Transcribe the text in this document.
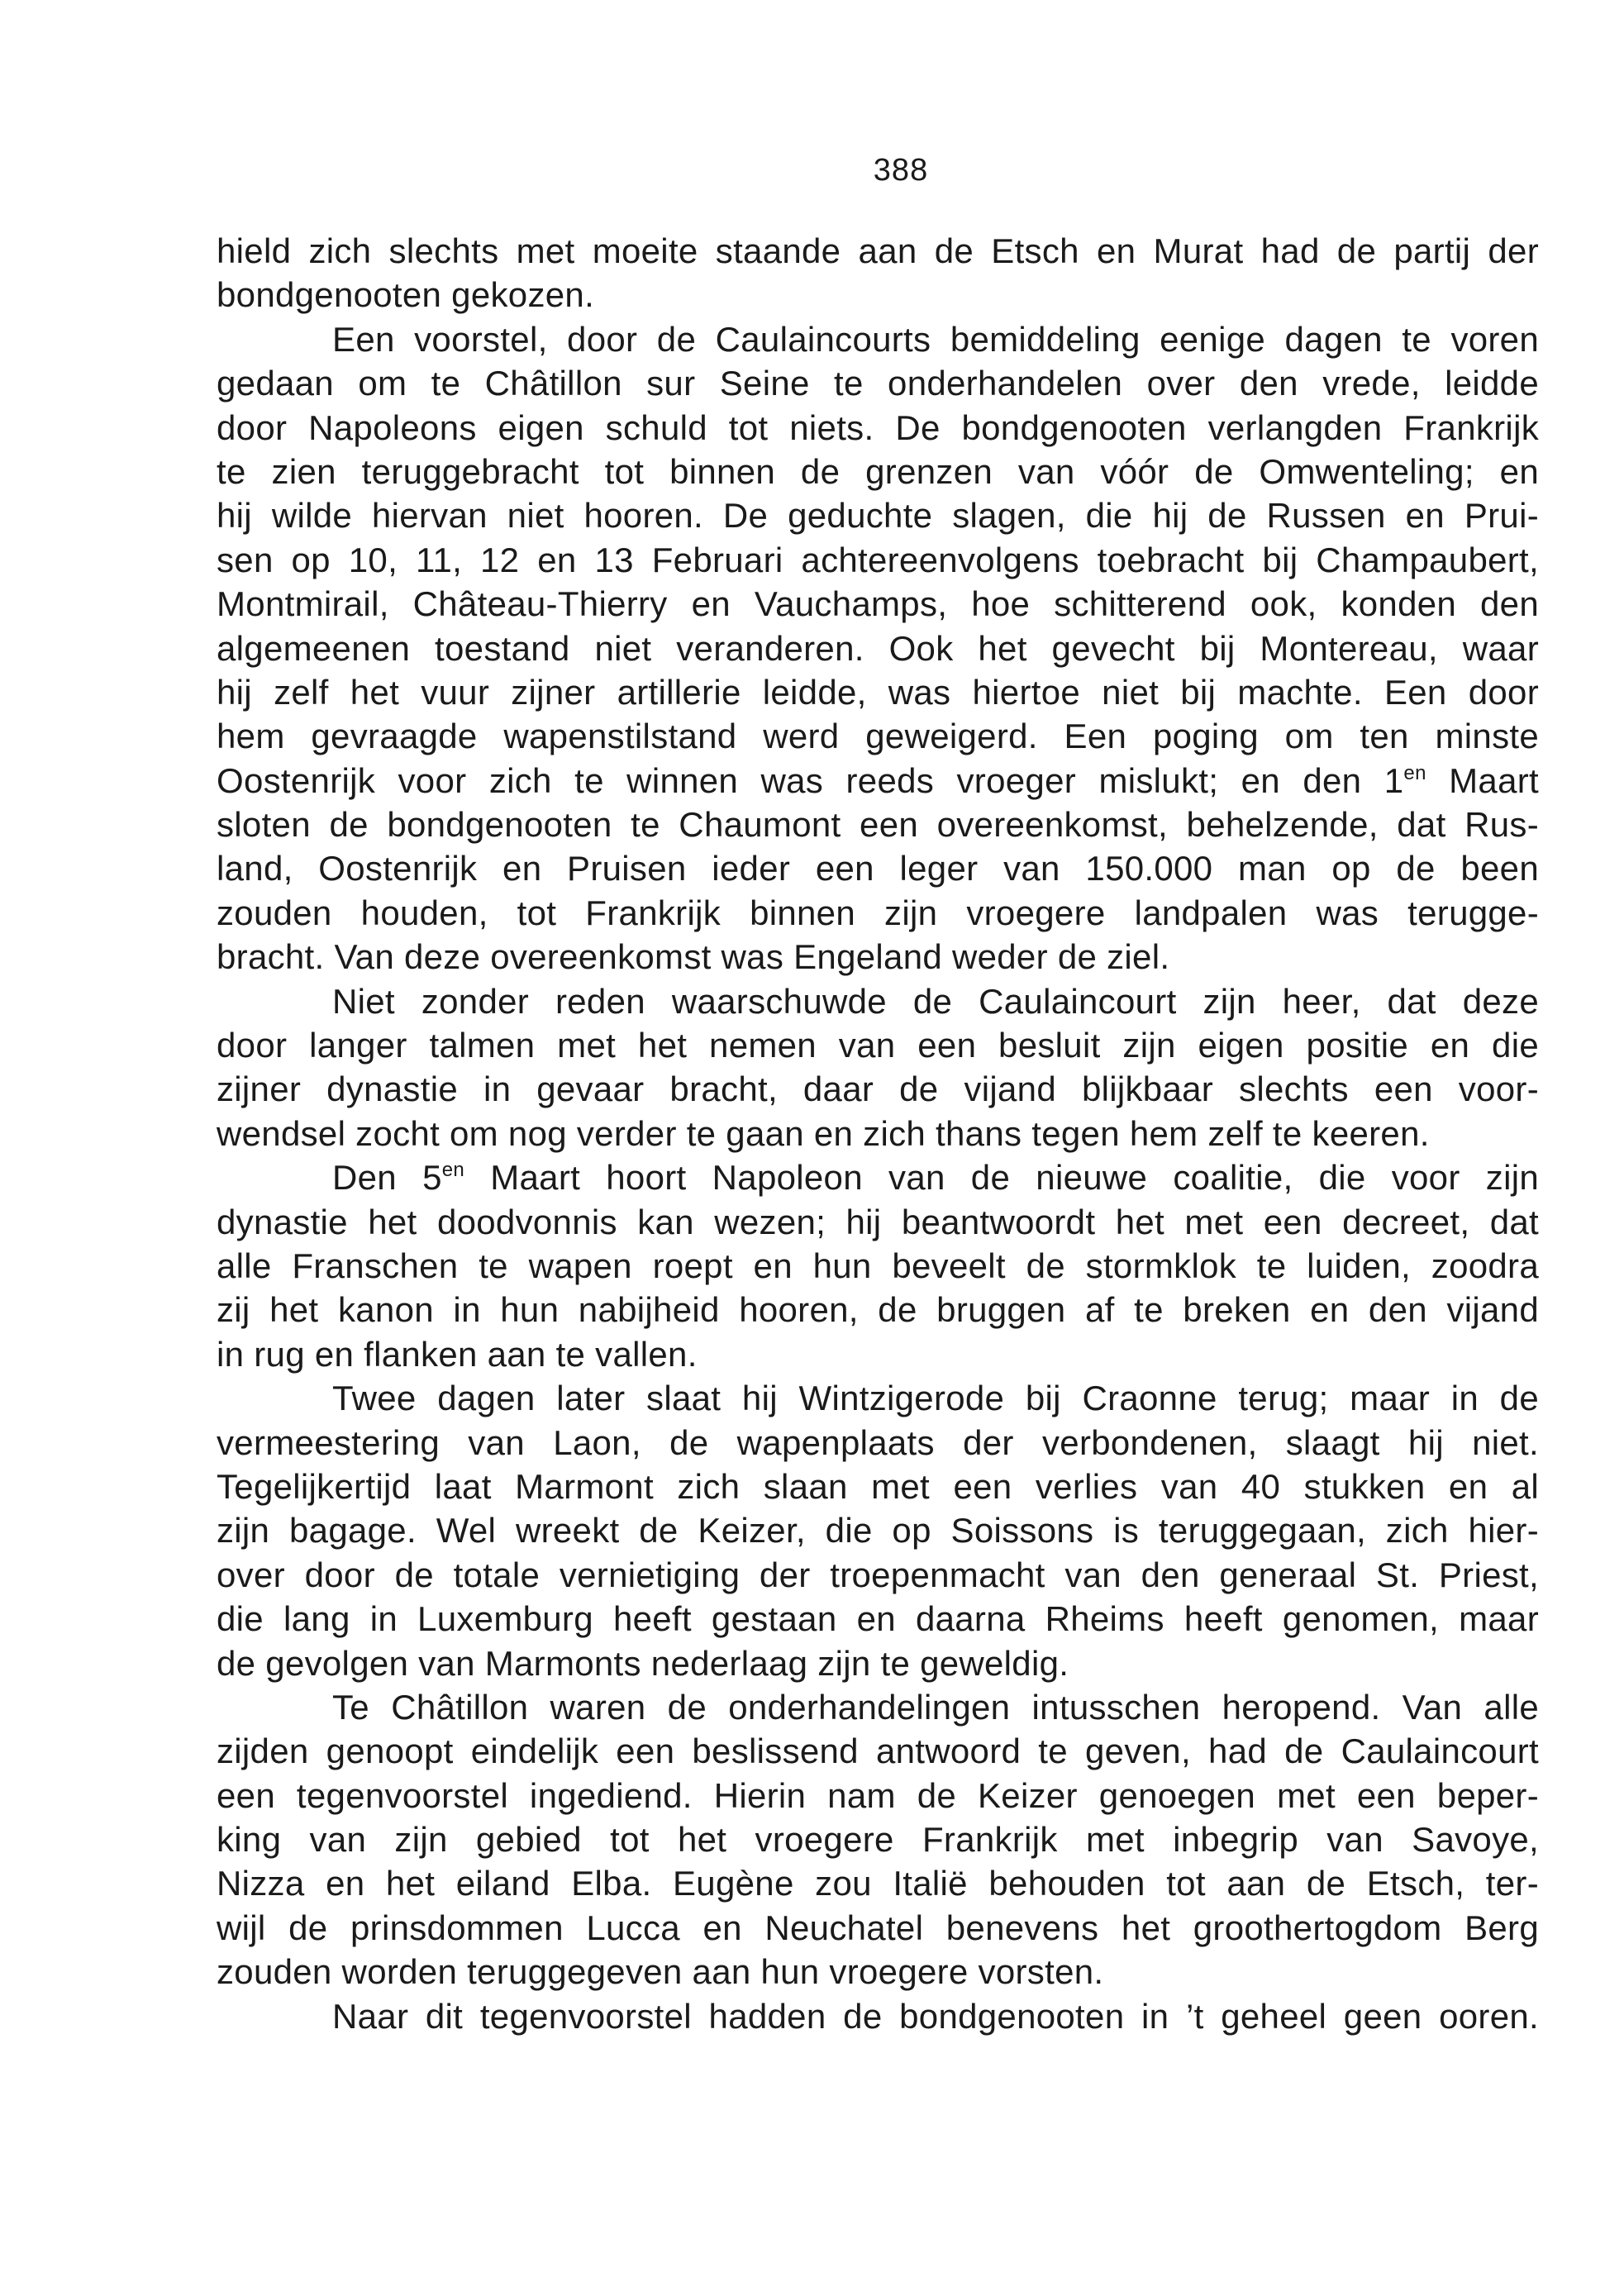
388
hield zich slechts met moeite staande aan de Etsch en Murat had de partij der
bondgenooten gekozen.
Een voorstel, door de Caulaincourts bemiddeling eenige dagen te voren
gedaan om te Châtillon sur Seine te onderhandelen over den vrede, leidde
door Napoleons eigen schuld tot niets. De bondgenooten verlangden Frankrijk
te zien teruggebracht tot binnen de grenzen van vóór de Omwenteling; en
hij wilde hiervan niet hooren. De geduchte slagen, die hij de Russen en Prui-
sen op 10, 11, 12 en 13 Februari achtereenvolgens toebracht bij Champaubert,
Montmirail, Château-Thierry en Vauchamps, hoe schitterend ook, konden den
algemeenen toestand niet veranderen. Ook het gevecht bij Montereau, waar
hij zelf het vuur zijner artillerie leidde, was hiertoe niet bij machte. Een door
hem gevraagde wapenstilstand werd geweigerd. Een poging om ten minste
Oostenrijk voor zich te winnen was reeds vroeger mislukt; en den $1^{en}$ Maart
sloten de bondgenooten te Chaumont een overeenkomst, behelzende, dat Rus-
land, Oostenrijk en Pruisen ieder een leger van 150.000 man op de been
zouden houden, tot Frankrijk binnen zijn vroegere landpalen was terugge-
bracht. Van deze overeenkomst was Engeland weder de ziel.
Niet zonder reden waarschuwde de Caulaincourt zijn heer, dat deze
door langer talmen met het nemen van een besluit zijn eigen positie en die
zijner dynastie in gevaar bracht, daar de vijand blijkbaar slechts een voor-
wendsel zocht om nog verder te gaan en zich thans tegen hem zelf te keeren.
Den $5^{en}$ Maart hoort Napoleon van de nieuwe coalitie, die voor zijn
dynastie het doodvonnis kan wezen; hij beantwoordt het met een decreet, dat
alle Franschen te wapen roept en hun beveelt de stormklok te luiden, zoodra
zij het kanon in hun nabijheid hooren, de bruggen af te breken en den vijand
in rug en flanken aan te vallen.
Twee dagen later slaat hij Wintzigerode bij Craonne terug; maar in de
vermeestering van Laon, de wapenplaats der verbondenen, slaagt hij niet.
Tegelijkertijd laat Marmont zich slaan met een verlies van 40 stukken en al
zijn bagage. Wel wreekt de Keizer, die op Soissons is teruggegaan, zich hier-
over door de totale vernietiging der troepenmacht van den generaal St. Priest,
die lang in Luxemburg heeft gestaan en daarna Rheims heeft genomen, maar
de gevolgen van Marmonts nederlaag zijn te geweldig.
Te Châtillon waren de onderhandelingen intusschen heropend. Van alle
zijden genoopt eindelijk een beslissend antwoord te geven, had de Caulaincourt
een tegenvoorstel ingediend. Hierin nam de Keizer genoegen met een beper-
king van zijn gebied tot het vroegere Frankrijk met inbegrip van Savoye,
Nizza en het eiland Elba. Eugène zou Italië behouden tot aan de Etsch, ter-
wijl de prinsdommen Lucca en Neuchatel benevens het groothertogdom Berg
zouden worden teruggegeven aan hun vroegere vorsten.
Naar dit tegenvoorstel hadden de bondgenooten in ’t geheel geen ooren.
